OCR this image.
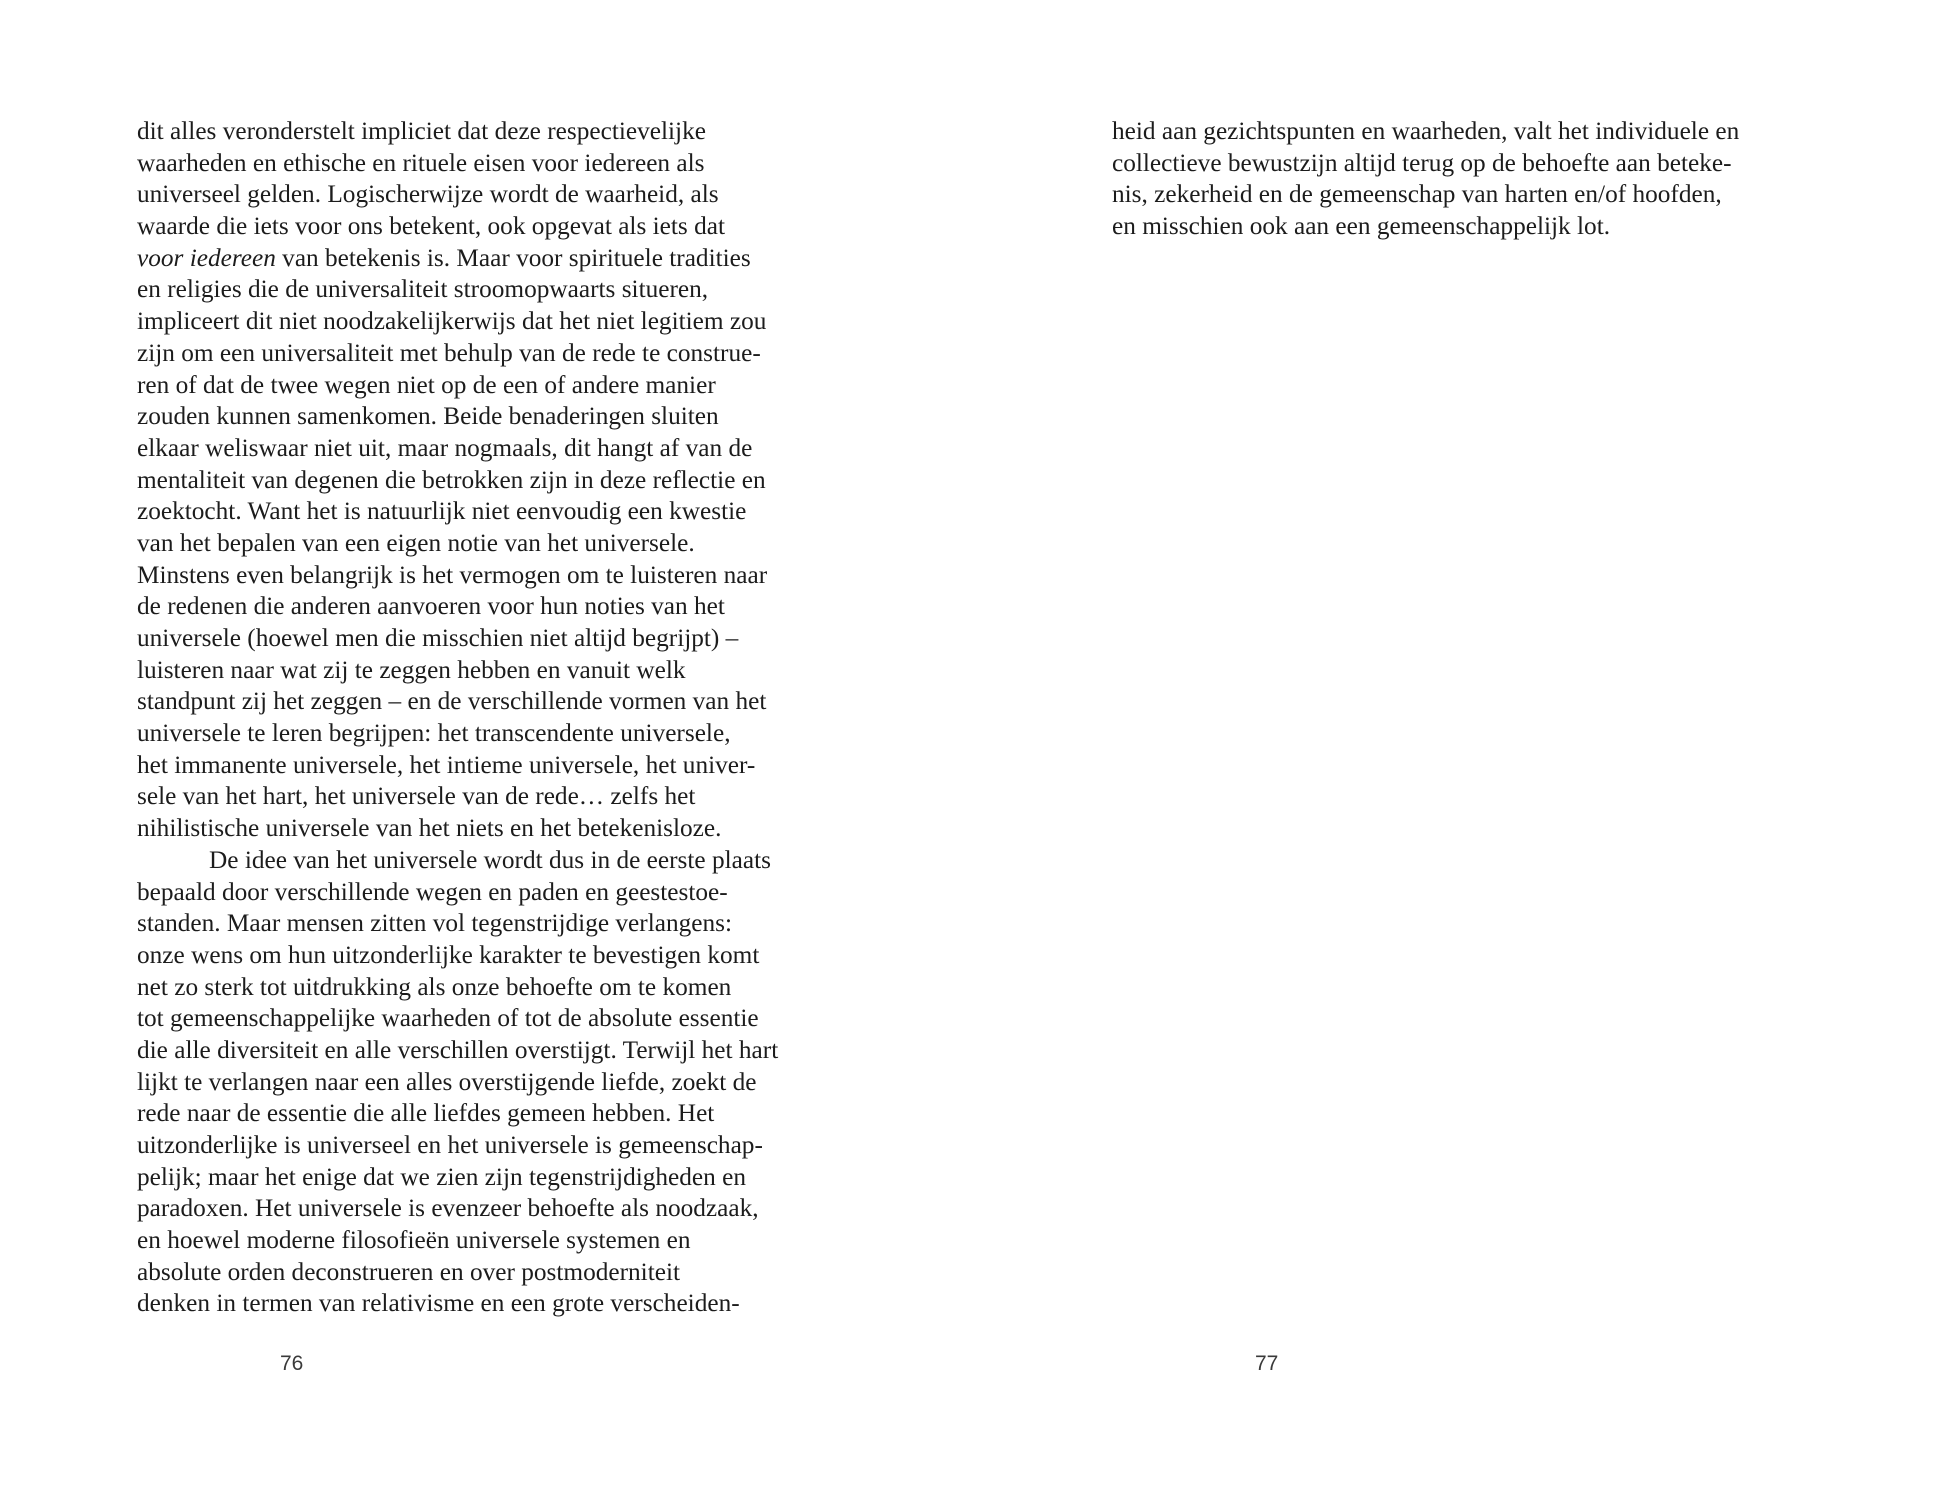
dit alles veronderstelt impliciet dat deze respectievelijke
waarheden en ethische en rituele eisen voor iedereen als
universeel gelden. Logischerwijze wordt de waarheid, als
waarde die iets voor ons betekent, ook opgevat als iets dat
voor iedereen van betekenis is. Maar voor spirituele tradities
en religies die de universaliteit stroomopwaarts situeren,
impliceert dit niet noodzakelijkerwijs dat het niet legitiem zou
zijn om een universaliteit met behulp van de rede te construe-
ren of dat de twee wegen niet op de een of andere manier
zouden kunnen samenkomen. Beide benaderingen sluiten
elkaar weliswaar niet uit, maar nogmaals, dit hangt af van de
mentaliteit van degenen die betrokken zijn in deze reflectie en
zoektocht. Want het is natuurlijk niet eenvoudig een kwestie
van het bepalen van een eigen notie van het universele.
Minstens even belangrijk is het vermogen om te luisteren naar
de redenen die anderen aanvoeren voor hun noties van het
universele (hoewel men die misschien niet altijd begrijpt) –
luisteren naar wat zij te zeggen hebben en vanuit welk
standpunt zij het zeggen – en de verschillende vormen van het
universele te leren begrijpen: het transcendente universele,
het immanente universele, het intieme universele, het univer-
sele van het hart, het universele van de rede… zelfs het
nihilistische universele van het niets en het betekenisloze.
De idee van het universele wordt dus in de eerste plaats
bepaald door verschillende wegen en paden en geestestoe-
standen. Maar mensen zitten vol tegenstrijdige verlangens:
onze wens om hun uitzonderlijke karakter te bevestigen komt
net zo sterk tot uitdrukking als onze behoefte om te komen
tot gemeenschappelijke waarheden of tot de absolute essentie
die alle diversiteit en alle verschillen overstijgt. Terwijl het hart
lijkt te verlangen naar een alles overstijgende liefde, zoekt de
rede naar de essentie die alle liefdes gemeen hebben. Het
uitzonderlijke is universeel en het universele is gemeenschap-
pelijk; maar het enige dat we zien zijn tegenstrijdigheden en
paradoxen. Het universele is evenzeer behoefte als noodzaak,
en hoewel moderne filosofieën universele systemen en
absolute orden deconstrueren en over postmoderniteit
denken in termen van relativisme en een grote verscheiden-
76
heid aan gezichtspunten en waarheden, valt het individuele en
collectieve bewustzijn altijd terug op de behoefte aan beteke-
nis, zekerheid en de gemeenschap van harten en/of hoofden,
en misschien ook aan een gemeenschappelijk lot.
77
